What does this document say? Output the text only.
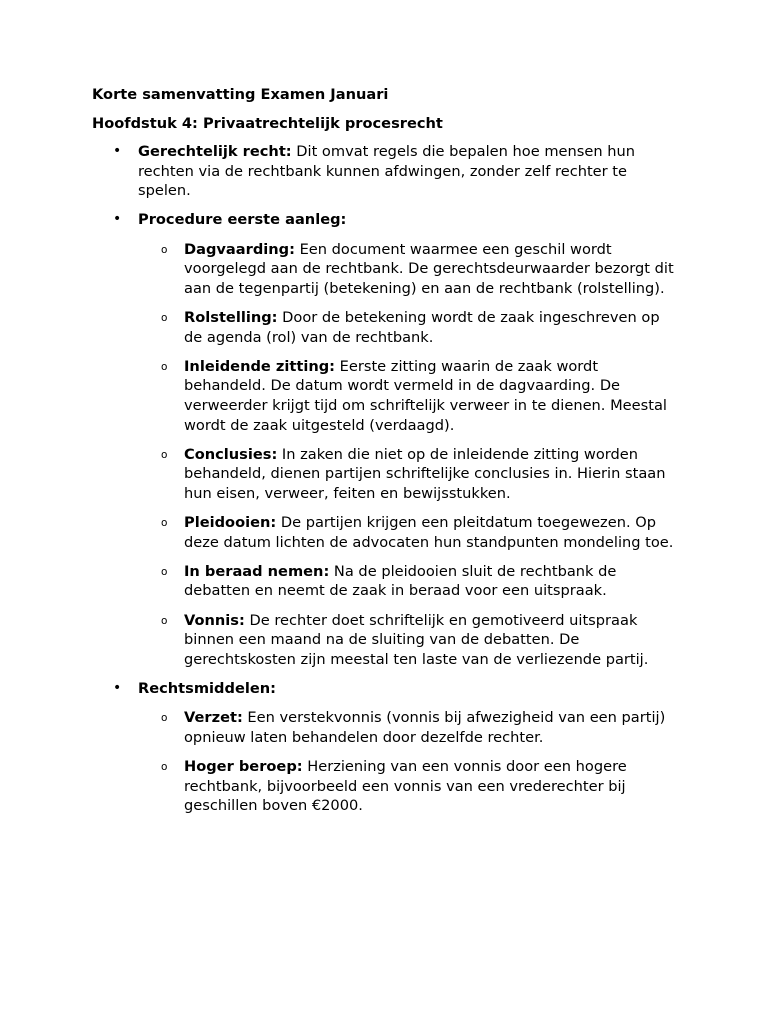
Korte samenvatting Examen Januari

Hoofdstuk 4: Privaatrechtelijk procesrecht

• Gerechtelijk recht: Dit omvat regels die bepalen hoe mensen hun rechten via de rechtbank kunnen afdwingen, zonder zelf rechter te spelen.
• Procedure eerste aanleg:
o Dagvaarding: Een document waarmee een geschil wordt voorgelegd aan de rechtbank. De gerechtsdeurwaarder bezorgt dit aan de tegenpartij (betekening) en aan de rechtbank (rolstelling).
o Rolstelling: Door de betekening wordt de zaak ingeschreven op de agenda (rol) van de rechtbank.
o Inleidende zitting: Eerste zitting waarin de zaak wordt behandeld. De datum wordt vermeld in de dagvaarding. De verweerder krijgt tijd om schriftelijk verweer in te dienen. Meestal wordt de zaak uitgesteld (verdaagd).
o Conclusies: In zaken die niet op de inleidende zitting worden behandeld, dienen partijen schriftelijke conclusies in. Hierin staan hun eisen, verweer, feiten en bewijsstukken.
o Pleidooien: De partijen krijgen een pleitdatum toegewezen. Op deze datum lichten de advocaten hun standpunten mondeling toe.
o In beraad nemen: Na de pleidooien sluit de rechtbank de debatten en neemt de zaak in beraad voor een uitspraak.
o Vonnis: De rechter doet schriftelijk en gemotiveerd uitspraak binnen een maand na de sluiting van de debatten. De gerechtskosten zijn meestal ten laste van de verliezende partij.
• Rechtsmiddelen:
o Verzet: Een verstekvonnis (vonnis bij afwezigheid van een partij) opnieuw laten behandelen door dezelfde rechter.
o Hoger beroep: Herziening van een vonnis door een hogere rechtbank, bijvoorbeeld een vonnis van een vrederechter bij geschillen boven €2000.
